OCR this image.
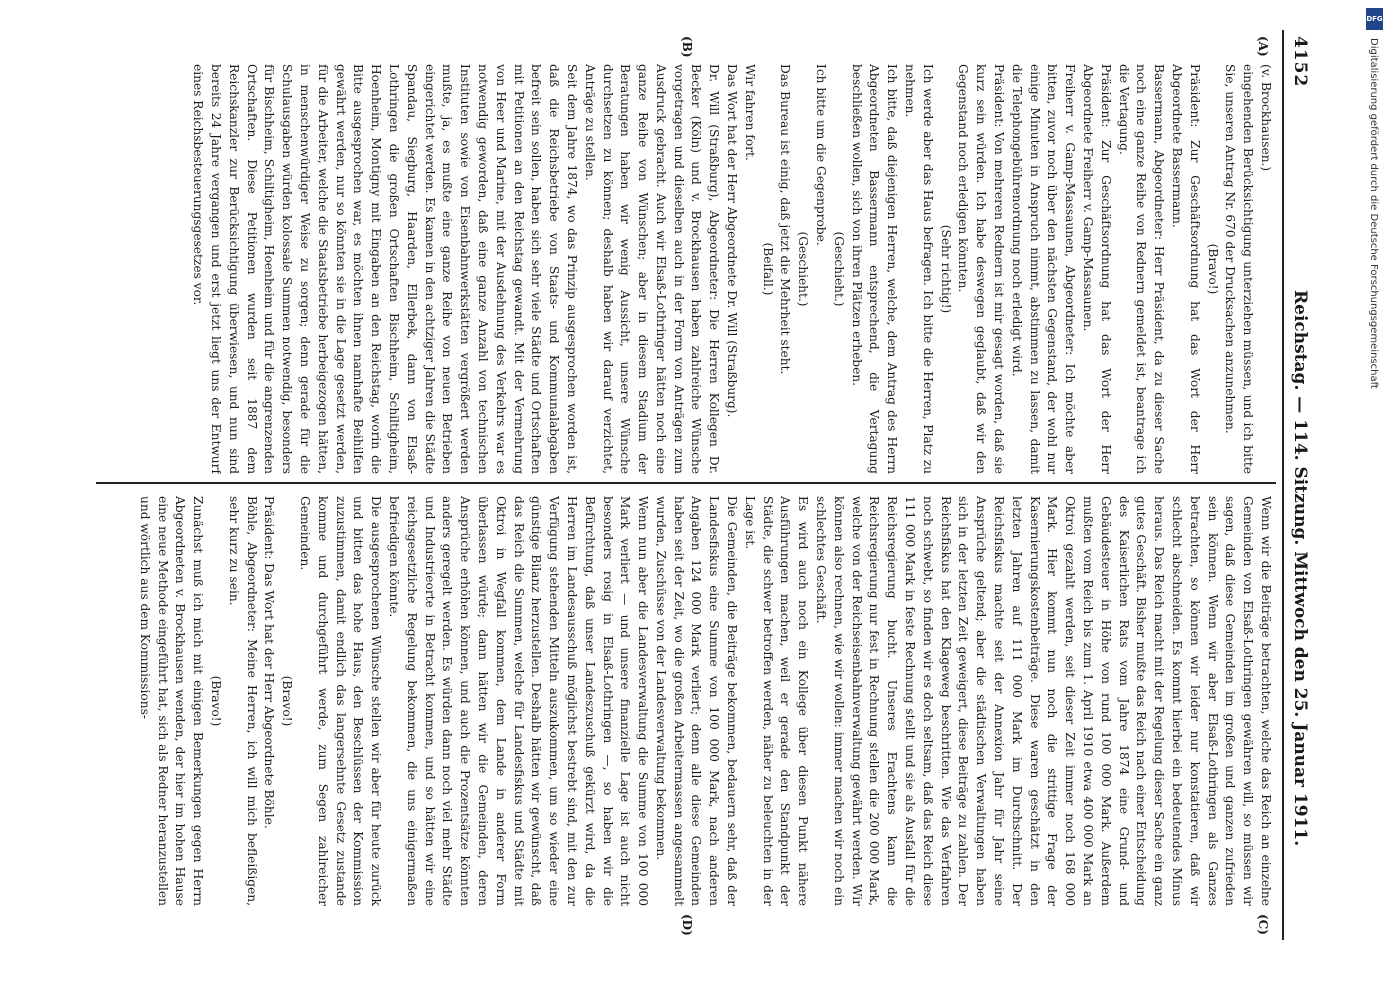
DFG
Digitalisierung gefördert durch die Deutsche Forschungsgemeinschaft
4152
Reichstag. — 114. Sitzung. Mittwoch den 25. Januar 1911.
(A)
(B)
(C)
(D)

(v. Brockhausen.)

eingehenden Berücksichtigung unterziehen müssen, und ich bitte Sie, unseren Antrag Nr. 670 der Drucksachen anzunehmen.

(Bravo!)

Präsident: Zur Geschäftsordnung hat das Wort der Herr Abgeordnete Bassermann.

Bassermann, Abgeordneter: Herr Präsident, da zu dieser Sache noch eine ganze Reihe von Rednern gemeldet ist, beantrage ich die Vertagung.

Präsident: Zur Geschäftsordnung hat das Wort der Herr Abgeordnete Freiherr v. Gamp-Massaunen.

Freiherr v. Gamp-Massaunen, Abgeordneter: Ich möchte aber bitten, zuvor noch über den nächsten Gegenstand, der wohl nur einige Minuten in Anspruch nimmt, abstimmen zu lassen, damit die Telephongebührenordnung noch erledigt wird.

Präsident: Von mehreren Rednern ist mir gesagt worden, daß sie kurz sein würden. Ich habe deswegen geglaubt, daß wir den Gegenstand noch erledigen könnten.

(Sehr richtig!)

Ich werde aber das Haus befragen. Ich bitte die Herren, Platz zu nehmen.

Ich bitte, daß diejenigen Herren, welche, dem Antrag des Herrn Abgeordneten Bassermann entsprechend, die Vertagung beschließen wollen, sich von ihren Plätzen erheben.

(Geschieht.)

Ich bitte um die Gegenprobe.

(Geschieht.)

Das Bureau ist einig, daß jetzt die Mehrheit steht.

(Beifall.)

Wir fahren fort.

Das Wort hat der Herr Abgeordnete Dr. Will (Straßburg).

Dr. Will (Straßburg), Abgeordneter: Die Herren Kollegen Dr. Becker (Köln) und v. Brockhausen haben zahlreiche Wünsche vorgetragen und dieselben auch in der Form von Anträgen zum Ausdruck gebracht. Auch wir Elsaß-Lothringer hätten noch eine ganze Reihe von Wünschen; aber in diesem Stadium der Beratungen haben wir wenig Aussicht, unsere Wünsche durchsetzen zu können; deshalb haben wir darauf verzichtet, Anträge zu stellen.

Seit dem Jahre 1874, wo das Prinzip ausgesprochen worden ist, daß die Reichsbetriebe von Staats- und Kommunalabgaben befreit sein sollen, haben sich sehr viele Städte und Ortschaften mit Petitionen an den Reichstag gewandt. Mit der Vermehrung von Heer und Marine, mit der Ausdehnung des Verkehrs war es notwendig geworden, daß eine ganze Anzahl von technischen Instituten sowie von Eisenbahnwerkstätten vergrößert werden mußte, ja, es mußte eine ganze Reihe von neuen Betrieben eingerichtet werden. Es kamen in den achtziger Jahren die Städte Spandau, Siegburg, Haarden, Ellerbek, dann von Elsaß-Lothringen die großen Ortschaften Bischheim, Schiltigheim, Hoenheim, Montigny mit Eingaben an den Reichstag, worin die Bitte ausgesprochen war, es möchten ihnen namhafte Beihilfen gewährt werden, nur so könnten sie in die Lage gesetzt werden, für die Arbeiter, welche die Staatsbetriebe herbeigezogen hätten, in menschenwürdiger Weise zu sorgen; denn gerade für die Schulausgaben würden kolossale Summen notwendig, besonders für Bischheim, Schiltigheim, Hoenheim und für die angrenzenden Ortschaften. Diese Petitionen wurden seit 1887 dem Reichskanzler zur Berücksichtigung überwiesen, und nun sind bereits 24 Jahre vergangen und erst jetzt liegt uns der Entwurf eines Reichsbesteuerungsgesetzes vor.

Wenn wir die Beiträge betrachten, welche das Reich an einzelne Gemeinden von Elsaß-Lothringen gewähren will, so müssen wir sagen, daß diese Gemeinden im großen und ganzen zufrieden sein können. Wenn wir aber Elsaß-Lothringen als Ganzes betrachten, so können wir leider nur konstatieren, daß wir schlecht abschneiden. Es kommt hierbei ein bedeutendes Minus heraus. Das Reich macht mit der Regelung dieser Sache ein ganz gutes Geschäft. Bisher mußte das Reich nach einer Entscheidung des Kaiserlichen Rats vom Jahre 1874 eine Grund- und Gebäudesteuer in Höhe von rund 100 000 Mark. Außerdem mußten vom Reich bis zum 1. April 1910 etwa 400 000 Mark an Oktroi gezahlt werden, seit dieser Zeit immer noch 168 000 Mark. Hier kommt nun noch die strittige Frage der Kasernierungskostenbeiträge. Diese waren geschätzt in den letzten Jahren auf 111 000 Mark im Durchschnitt. Der Reichsfiskus machte seit der Annexion Jahr für Jahr seine Ansprüche geltend; aber die städtischen Verwaltungen haben sich in der letzten Zeit geweigert, diese Beiträge zu zahlen. Der Reichsfiskus hat den Klageweg beschritten. Wie das Verfahren noch schwebt, so finden wir es doch seltsam, daß das Reich diese 111 000 Mark in feste Rechnung stellt und sie als Ausfall für die Reichsregierung bucht. Unseres Erachtens kann die Reichsregierung nur fest in Rechnung stellen die 200 000 Mark, welche von der Reichseisenbahnverwaltung gewährt werden. Wir können also rechnen, wie wir wollen: immer machen wir noch ein schlechtes Geschäft.

Es wird auch noch ein Kollege über diesen Punkt nähere Ausführungen machen, weil er gerade den Standpunkt der Städte, die schwer betroffen werden, näher zu beleuchten in der Lage ist.

Die Gemeinden, die Beiträge bekommen, bedauern sehr, daß der Landesfiskus eine Summe von 100 000 Mark, nach anderen Angaben 124 000 Mark verliert; denn alle diese Gemeinden haben seit der Zeit, wo die großen Arbeitermassen angesammelt wurden, Zuschüsse von der Landesverwaltung bekommen.

Wenn nun aber die Landesverwaltung die Summe von 100 000 Mark verliert — und unsere finanzielle Lage ist auch nicht besonders rosig in Elsaß-Lothringen —, so haben wir die Befürchtung, daß unser Landeszuschuß gekürzt wird, da die Herren im Landesausschuß möglichst bestrebt sind, mit den zur Verfügung stehenden Mitteln auszukommen, um so wieder eine günstige Bilanz herzustellen. Deshalb hätten wir gewünscht, daß das Reich die Summen, welche für Landesfiskus und Städte mit Oktroi in Wegfall kommen, dem Lande in anderer Form überlassen würde; dann hätten wir die Gemeinden, deren Ansprüche erhöhen können, und auch die Prozentsätze könnten anders geregelt werden. Es würden dann noch viel mehr Städte und Industrieorte in Betracht kommen, und so hätten wir eine reichsgesetzliche Regelung bekommen, die uns einigermaßen befriedigen könnte.

Die ausgesprochenen Wünsche stellen wir aber für heute zurück und bitten das hohe Haus, den Beschlüssen der Kommission zuzustimmen, damit endlich das langersehnte Gesetz zustande komme und durchgeführt werde, zum Segen zahlreicher Gemeinden.

(Bravo!)

Präsident: Das Wort hat der Herr Abgeordnete Böhle.

Böhle, Abgeordneter: Meine Herren, ich will mich befleißigen, sehr kurz zu sein.

(Bravo!)

Zunächst muß ich mich mit einigen Bemerkungen gegen Herrn Abgeordneten v. Brockhausen wenden, der hier im hohen Hause eine neue Methode eingeführt hat, sich als Redner heranzustellen und wörtlich aus dem Kommissions-
